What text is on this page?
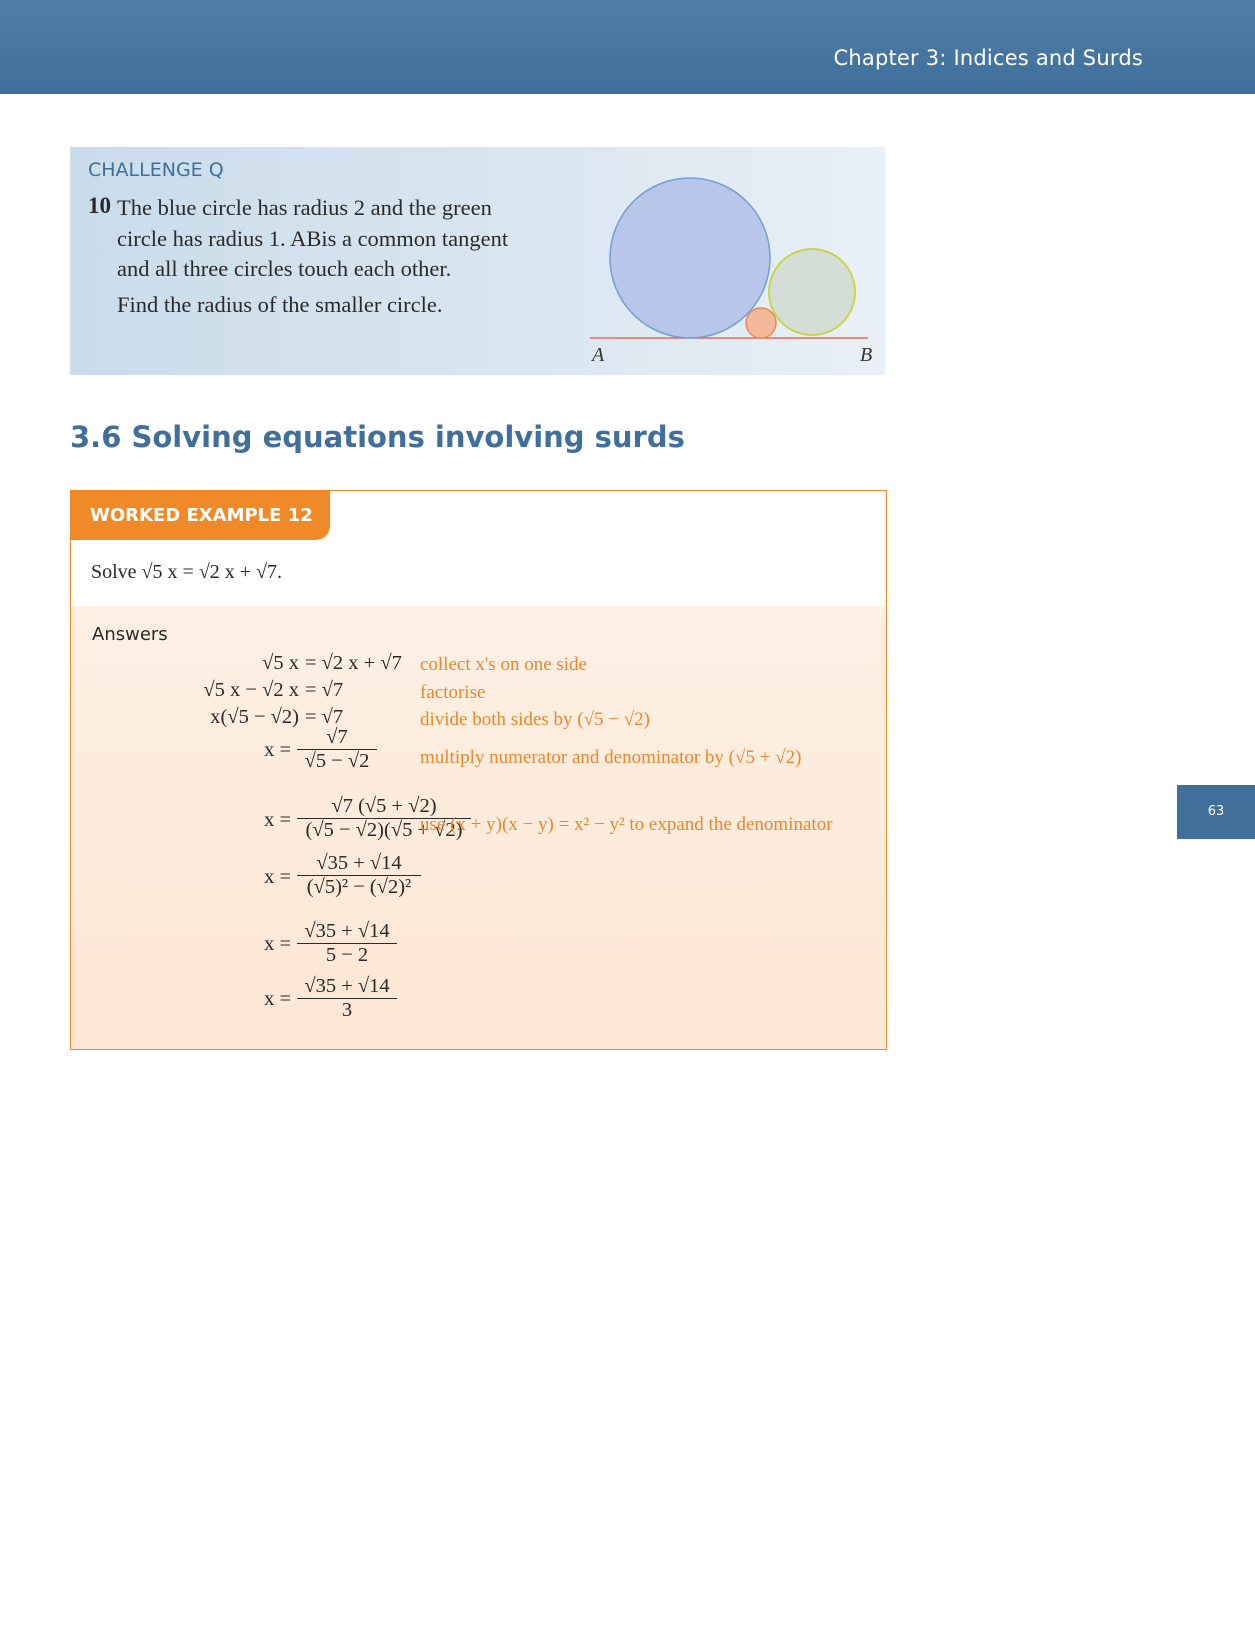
Chapter 3: Indices and Surds
63
CHALLENGE Q
10 The blue circle has radius 2 and the green

circle has radius 1. ABis a common tangent

and all three circles touch each other.

Find the radius of the smaller circle.

A	B
3.6 Solving equations involving surds
WORKED EXAMPLE 12
Solve √5 x = √2 x + √7.
Answers
√5 x = √2 x + √7 collect x's on one side
√5 x − √2 x = √7	factorise
x(√5 − √2) = √7	divide both sides by (√5 − √2)
$x = \frac{√7}{√5 - √2}$ multiply numerator and denominator by (√5 + √2)
$x = \frac{√7 (√5 + √2)}{(√5 - √2)(√5 + √2)}$
use (x + y)(x − y) = x² − y² to expand the denominator
$x = \frac{√35 + √14}{\text{(√5)² − (√2)²}}$
$x = \frac{√35 + √14}{5 - 2}$
$x = \frac{√35 + √14}{3}$
